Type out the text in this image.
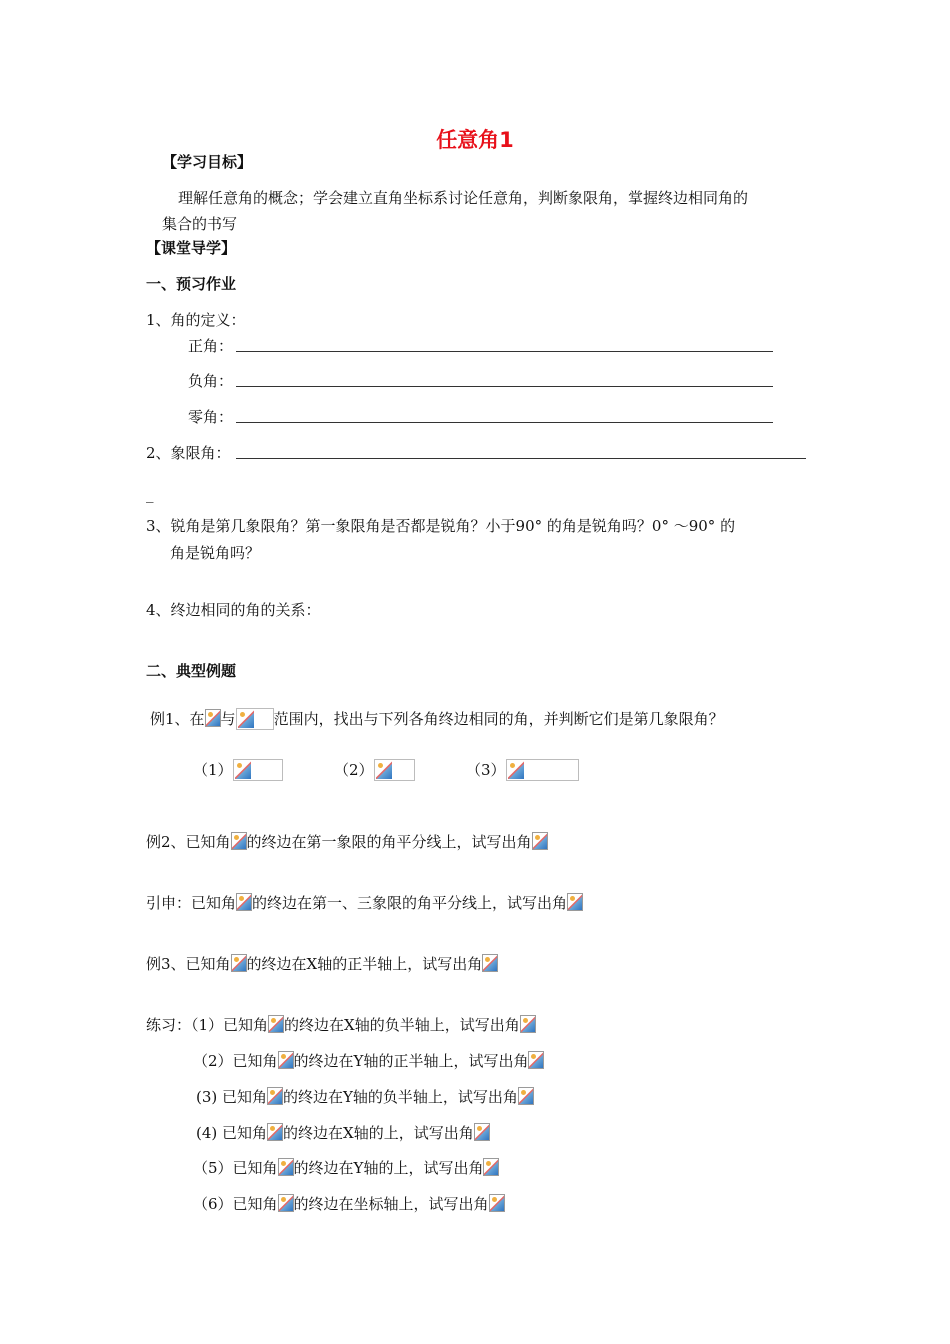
任意角1
【学习目标】
理解任意角的概念；学会建立直角坐标系讨论任意角，判断象限角，掌握终边相同角的
集合的书写
【课堂导学】
一、预习作业
1、角的定义：
正角：
负角：
零角：
2、象限角：
_
3、锐角是第几象限角？第一象限角是否都是锐角？小于90° 的角是锐角吗？0° ～90° 的
角是锐角吗？
4、终边相同的角的关系：
二、典型例题
例1、在 与	范围内，找出与下列各角终边相同的角，并判断它们是第几象限角？
（1）	（2）	（3）
例2、已知角 的终边在第一象限的角平分线上，试写出角
引申：已知角 的终边在第一、三象限的角平分线上，试写出角
例3、已知角 的终边在X轴的正半轴上，试写出角
练习：（1）已知角 的终边在X轴的负半轴上，试写出角
（2）已知角 的终边在Y轴的正半轴上，试写出角
(3) 已知角 的终边在Y轴的负半轴上，试写出角
(4) 已知角 的终边在X轴的上，试写出角
（5）已知角 的终边在Y轴的上，试写出角
（6）已知角 的终边在坐标轴上，试写出角
